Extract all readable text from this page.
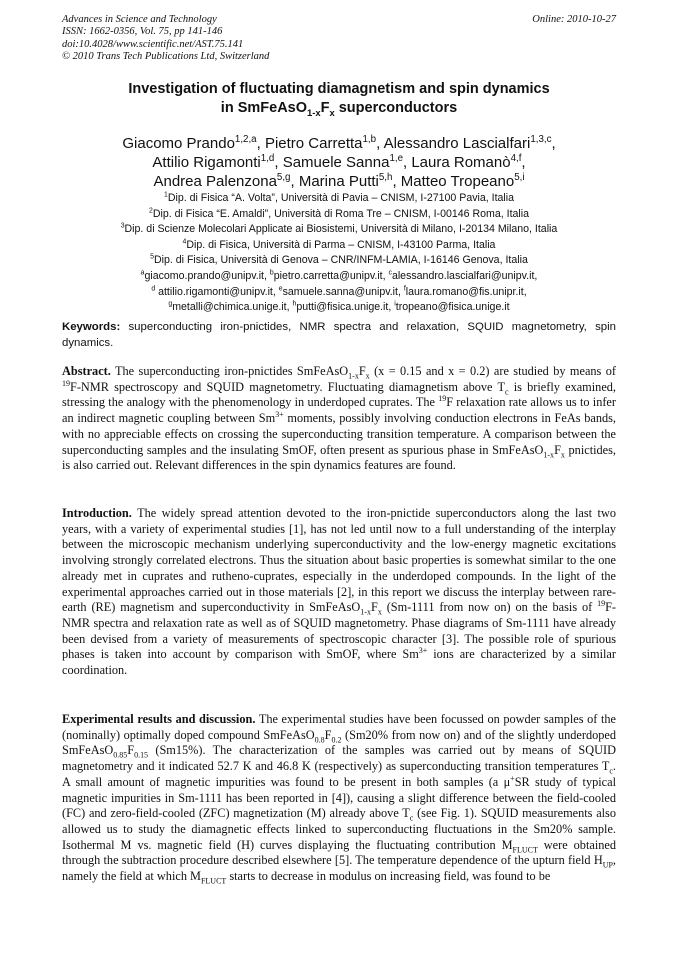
Advances in Science and Technology
ISSN: 1662-0356, Vol. 75, pp 141-146
doi:10.4028/www.scientific.net/AST.75.141
© 2010 Trans Tech Publications Ltd, Switzerland
Online: 2010-10-27
Investigation of fluctuating diamagnetism and spin dynamics
in $SmFeAsO_{1-x}F_x$ superconductors
Giacomo Prando$^{1,2,a}$, Pietro Carretta$^{1,b}$, Alessandro Lascialfari$^{1,3,c}$,
Attilio Rigamonti$^{1,d}$, Samuele Sanna$^{1,e}$, Laura Romanò$^{4,f}$,
Andrea Palenzona$^{5,g}$, Marina Putti$^{5,h}$, Matteo Tropeano$^{5,i}$
$^1$Dip. di Fisica “A. Volta”, Università di Pavia – CNISM, I-27100 Pavia, Italia
$^2$Dip. di Fisica “E. Amaldi”, Università di Roma Tre – CNISM, I-00146 Roma, Italia
$^3$Dip. di Scienze Molecolari Applicate ai Biosistemi, Università di Milano, I-20134 Milano, Italia
$^4$Dip. di Fisica, Università di Parma – CNISM, I-43100 Parma, Italia
$^5$Dip. di Fisica, Università di Genova – CNR/INFM-LAMIA, I-16146 Genova, Italia
$^a$giacomo.prando@unipv.it, $^b$pietro.carretta@unipv.it, $^c$alessandro.lascialfari@unipv.it,
$^d$ attilio.rigamonti@unipv.it, $^e$samuele.sanna@unipv.it, $^f$laura.romano@fis.unipr.it,
$^g$metalli@chimica.unige.it, $^h$putti@fisica.unige.it, $^i$tropeano@fisica.unige.it
Keywords: superconducting iron-pnictides, NMR spectra and relaxation, SQUID magnetometry, spin dynamics.
Abstract. The superconducting iron-pnictides $SmFeAsO_{1-x}F_x$ (x = 0.15 and x = 0.2) are studied by means of $^{19}$F-NMR spectroscopy and SQUID magnetometry. Fluctuating diamagnetism above $T_c$ is briefly examined, stressing the analogy with the phenomenology in underdoped cuprates. The $^{19}$F relaxation rate allows us to infer an indirect magnetic coupling between $Sm^{3+}$ moments, possibly involving conduction electrons in FeAs bands, with no appreciable effects on crossing the superconducting transition temperature. A comparison between the superconducting samples and the insulating SmOF, often present as spurious phase in $SmFeAsO_{1-x}F_x$ pnictides, is also carried out. Relevant differences in the spin dynamics features are found.
Introduction. The widely spread attention devoted to the iron-pnictide superconductors along the last two years, with a variety of experimental studies [1], has not led until now to a full understanding of the interplay between the microscopic mechanism underlying superconductivity and the low-energy magnetic excitations involving strongly correlated electrons. Thus the situation about basic properties is somewhat similar to the one already met in cuprates and rutheno-cuprates, especially in the underdoped compounds. In the light of the experimental approaches carried out in those materials [2], in this report we discuss the interplay between rare-earth (RE) magnetism and superconductivity in $SmFeAsO_{1-x}F_x$ (Sm-1111 from now on) on the basis of $^{19}$F-NMR spectra and relaxation rate as well as of SQUID magnetometry. Phase diagrams of Sm-1111 have already been devised from a variety of measurements of spectroscopic character [3]. The possible role of spurious phases is taken into account by comparison with SmOF, where $Sm^{3+}$ ions are characterized by a similar coordination.
Experimental results and discussion. The experimental studies have been focussed on powder samples of the (nominally) optimally doped compound $SmFeAsO_{0.8}F_{0.2}$ (Sm20% from now on) and of the slightly underdoped $SmFeAsO_{0.85}F_{0.15}$ (Sm15%). The characterization of the samples was carried out by means of SQUID magnetometry and it indicated 52.7 K and 46.8 K (respectively) as superconducting transition temperatures $T_c$. A small amount of magnetic impurities was found to be present in both samples (a μ+SR study of typical magnetic impurities in Sm-1111 has been reported in [4]), causing a slight difference between the field-cooled (FC) and zero-field-cooled (ZFC) magnetization (M) already above $T_c$ (see Fig. 1). SQUID measurements also allowed us to study the diamagnetic effects linked to superconducting fluctuations in the Sm20% sample. Isothermal M vs. magnetic field (H) curves displaying the fluctuating contribution $M_{FLUCT}$ were obtained through the subtraction procedure described elsewhere [5]. The temperature dependence of the upturn field $H_{UP}$, namely the field at which $M_{FLUCT}$ starts to decrease in modulus on increasing field, was found to be
